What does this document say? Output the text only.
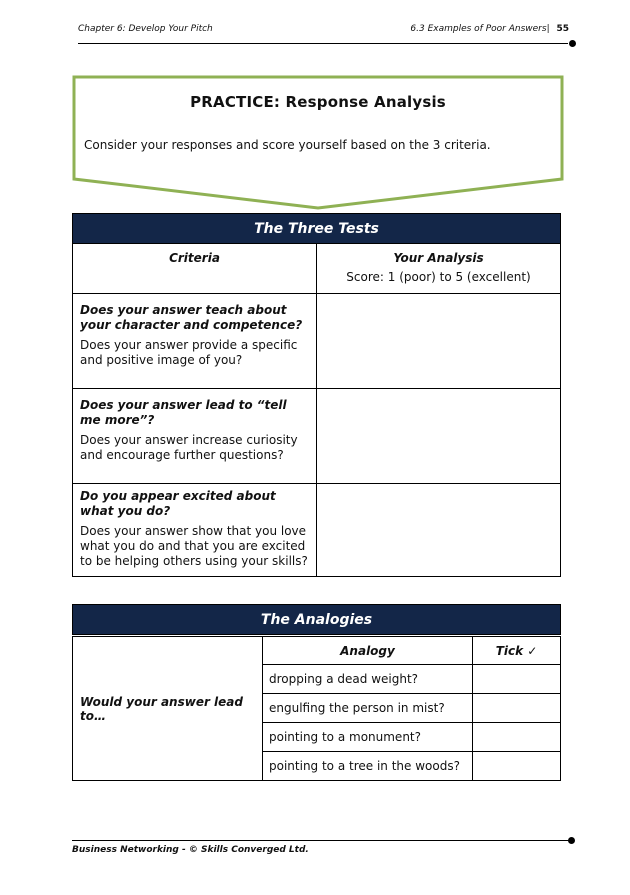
Chapter 6: Develop Your Pitch	6.3 Examples of Poor Answers| 55
PRACTICE: Response Analysis
Consider your responses and score yourself based on the 3 criteria.
The Three Tests	
Criteria	Your Analysis
Score: 1 (poor) to 5 (excellent)

Does your answer teach about your character and competence?
Does your answer provide a specific and positive image of you?	

Does your answer lead to “tell me more”?
Does your answer increase curiosity and encourage further questions?	

Do you appear excited about what you do?
Does your answer show that you love what you do and that you are excited to be helping others using your skills?	
The Analogies		

Would your answer lead to…	Analogy	Tick ✓
	dropping a dead weight?	
	engulfing the person in mist?	
	pointing to a monument?	
	pointing to a tree in the woods?	
Business Networking - © Skills Converged Ltd.
